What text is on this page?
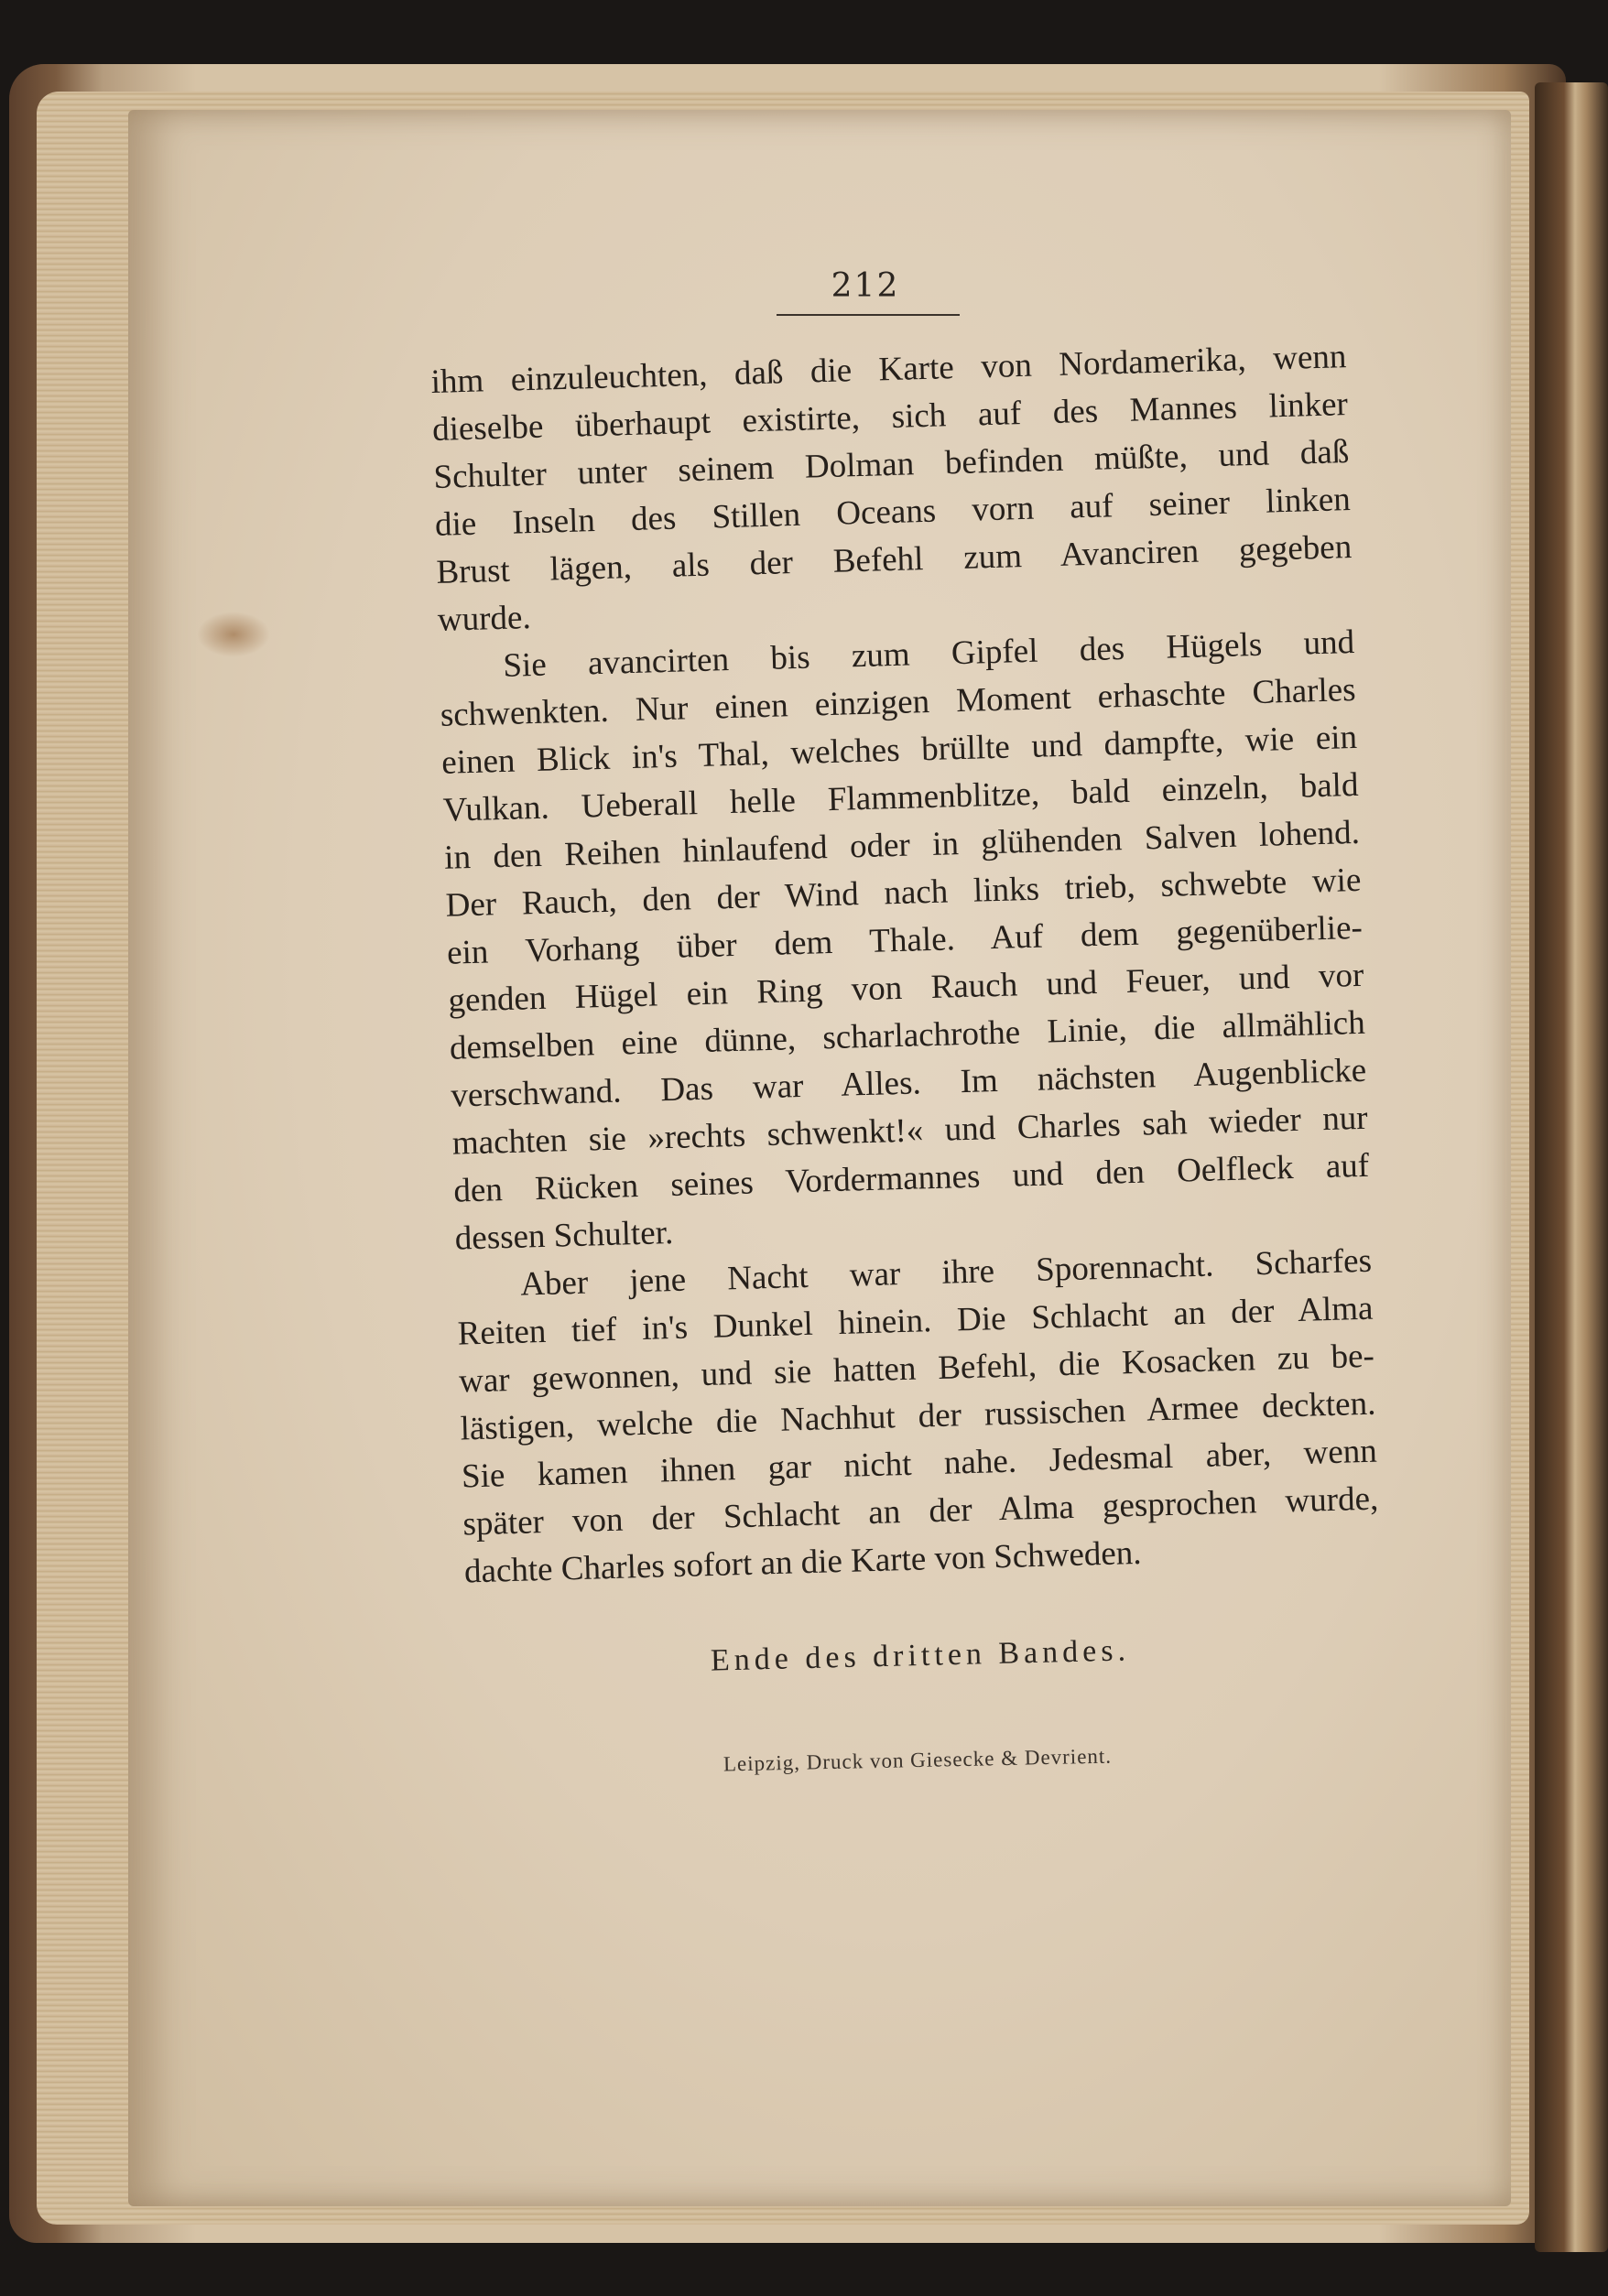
212
ihm einzuleuchten, daß die Karte von Nordamerika, wenn
dieselbe überhaupt existirte, sich auf des Mannes linker
Schulter unter seinem Dolman befinden müßte, und daß
die Inseln des Stillen Oceans vorn auf seiner linken
Brust lägen, als der Befehl zum Avanciren gegeben
wurde.
Sie avancirten bis zum Gipfel des Hügels und
schwenkten. Nur einen einzigen Moment erhaschte Charles
einen Blick in's Thal, welches brüllte und dampfte, wie ein
Vulkan. Ueberall helle Flammenblitze, bald einzeln, bald
in den Reihen hinlaufend oder in glühenden Salven lohend.
Der Rauch, den der Wind nach links trieb, schwebte wie
ein Vorhang über dem Thale. Auf dem gegenüberlie-
genden Hügel ein Ring von Rauch und Feuer, und vor
demselben eine dünne, scharlachrothe Linie, die allmählich
verschwand. Das war Alles. Im nächsten Augenblicke
machten sie »rechts schwenkt!« und Charles sah wieder nur
den Rücken seines Vordermannes und den Oelfleck auf
dessen Schulter.
Aber jene Nacht war ihre Sporennacht. Scharfes
Reiten tief in's Dunkel hinein. Die Schlacht an der Alma
war gewonnen, und sie hatten Befehl, die Kosacken zu be-
lästigen, welche die Nachhut der russischen Armee deckten.
Sie kamen ihnen gar nicht nahe. Jedesmal aber, wenn
später von der Schlacht an der Alma gesprochen wurde,
dachte Charles sofort an die Karte von Schweden.
Ende des dritten Bandes.
Leipzig, Druck von Giesecke & Devrient.
